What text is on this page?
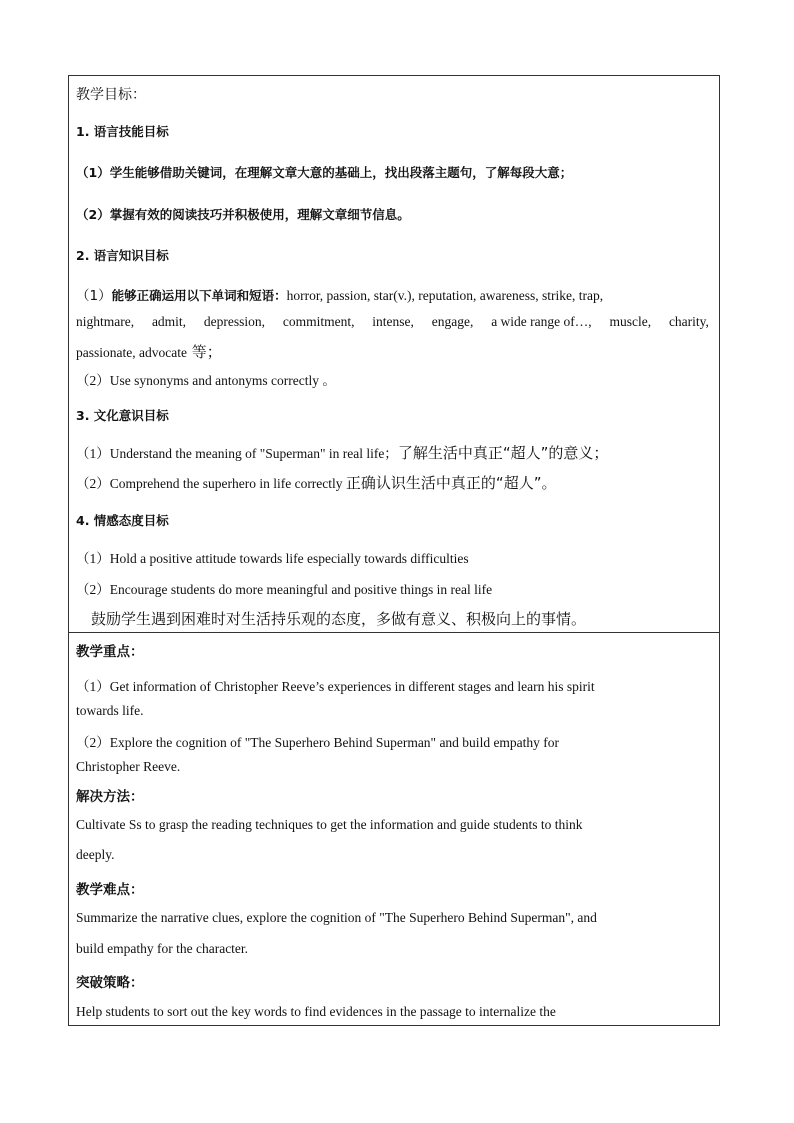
教学目标：
1. 语言技能目标
（1）学生能够借助关键词，在理解文章大意的基础上，找出段落主题句，了解每段大意；
（2）掌握有效的阅读技巧并积极使用，理解文章细节信息。
2. 语言知识目标
（1）能够正确运用以下单词和短语：horror, passion, star(v.), reputation, awareness, strike, trap,
nightmare, admit, depression, commitment, intense, engage, a wide range of…, muscle, charity,
passionate, advocate 等；
（2）Use synonyms and antonyms correctly 。
3. 文化意识目标
（1）Understand the meaning of "Superman" in real life；了解生活中真正“超人”的意义；
（2）Comprehend the superhero in life correctly 正确认识生活中真正的“超人”。
4. 情感态度目标
（1）Hold a positive attitude towards life especially towards difficulties
（2）Encourage students do more meaningful and positive things in real life
鼓励学生遇到困难时对生活持乐观的态度，多做有意义、积极向上的事情。
教学重点：
（1）Get information of Christopher Reeve’s experiences in different stages and learn his spirit
towards life.
（2）Explore the cognition of "The Superhero Behind Superman" and build empathy for
Christopher Reeve.
解决方法：
Cultivate Ss to grasp the reading techniques to get the information and guide students to think
deeply.
教学难点：
Summarize the narrative clues, explore the cognition of "The Superhero Behind Superman", and
build empathy for the character.
突破策略：
Help students to sort out the key words to find evidences in the passage to internalize the
